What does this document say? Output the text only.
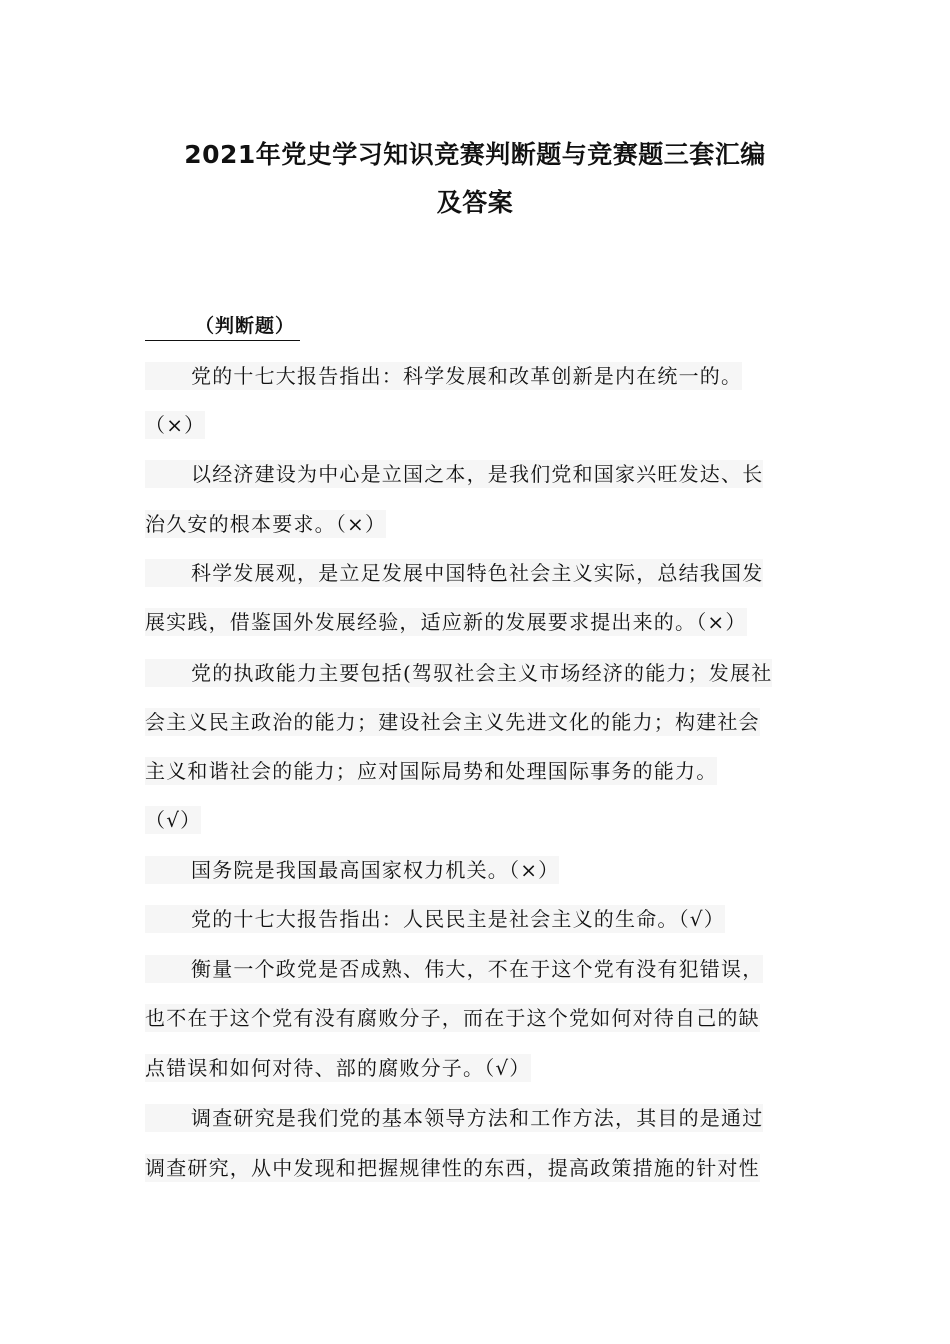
2021年党史学习知识竞赛判断题与竞赛题三套汇编
及答案
（判断题）
党的十七大报告指出：科学发展和改革创新是内在统一的。
（×）
以经济建设为中心是立国之本，是我们党和国家兴旺发达、长
治久安的根本要求。（×）
科学发展观，是立足发展中国特色社会主义实际，总结我国发
展实践，借鉴国外发展经验，适应新的发展要求提出来的。（×）
党的执政能力主要包括(驾驭社会主义市场经济的能力；发展社
会主义民主政治的能力；建设社会主义先进文化的能力；构建社会
主义和谐社会的能力；应对国际局势和处理国际事务的能力。
（√）
国务院是我国最高国家权力机关。（×）
党的十七大报告指出：人民民主是社会主义的生命。（√）
衡量一个政党是否成熟、伟大，不在于这个党有没有犯错误，
也不在于这个党有没有腐败分子，而在于这个党如何对待自己的缺
点错误和如何对待、部的腐败分子。（√）
调查研究是我们党的基本领导方法和工作方法，其目的是通过
调查研究，从中发现和把握规律性的东西，提高政策措施的针对性
